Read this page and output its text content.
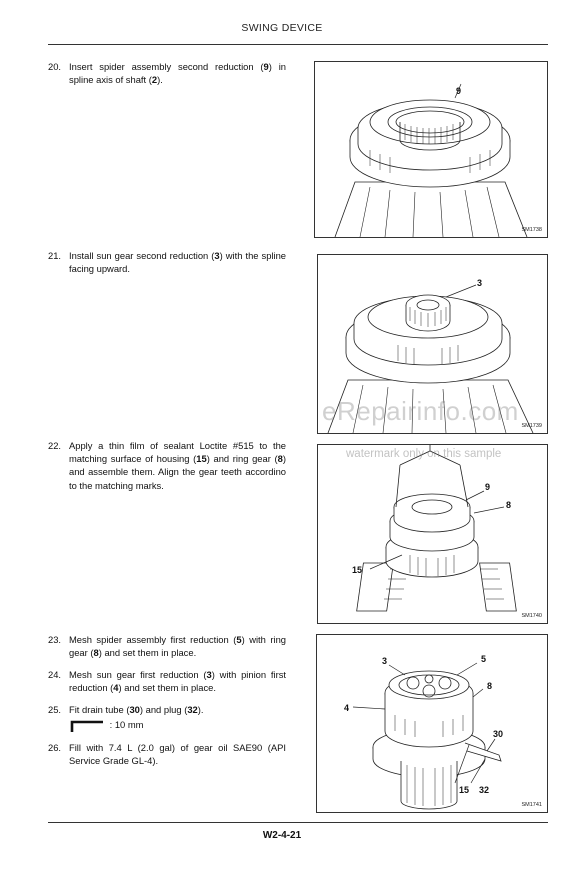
SWING DEVICE
20. Insert spider assembly second reduction (9) in spline axis of shaft (2).
21. Install sun gear second reduction (3) with the spline facing upward.
22. Apply a thin film of sealant Loctite #515 to the matching surface of housing (15) and ring gear (8) and assemble them. Align the gear teeth accordino to the matching marks.
23. Mesh spider assembly first reduction (5) with ring gear (8) and set them in place.
24. Mesh sun gear first reduction (3) with pinion first reduction (4) and set them in place.
25. Fit drain tube (30) and plug (32).
: 10 mm
26. Fill with 7.4 L (2.0 gal) of gear oil SAE90 (API Service Grade GL-4).
9
SM1738
3
SM1739
9
8
15
SM1740
3	5
8
4
30
15 32
SM1741
eRepairinfo.com
watermark only on this sample
W2-4-21
